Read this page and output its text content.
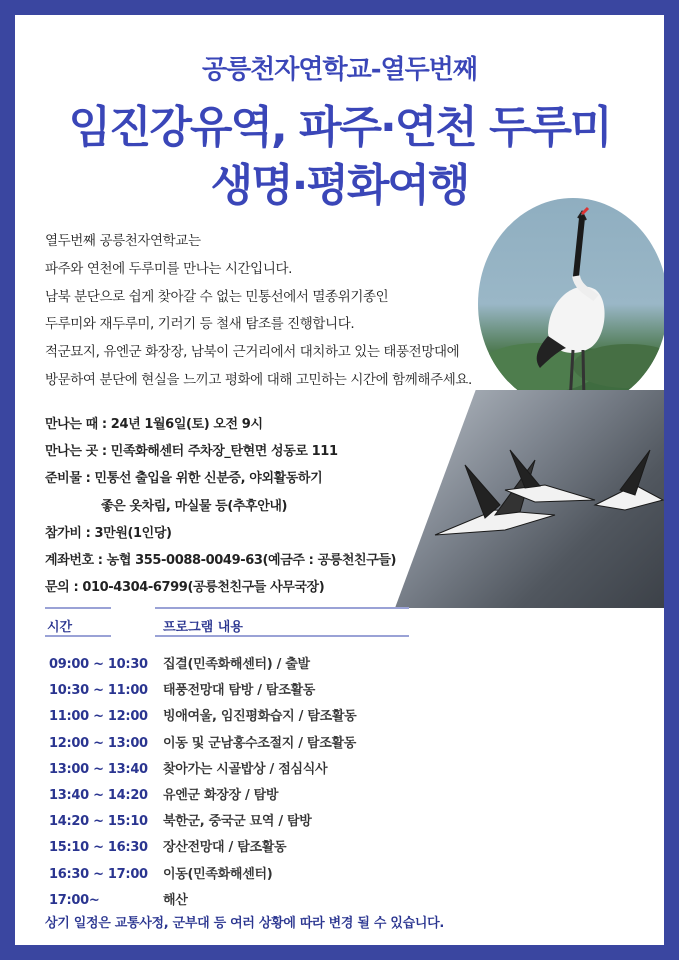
공릉천자연학교-열두번째
임진강유역, 파주·연천 두루미
생명·평화여행
열두번째 공릉천자연학교는
파주와 연천에 두루미를 만나는 시간입니다.
남북 분단으로 쉽게 찾아갈 수 없는 민통선에서 멸종위기종인
두루미와 재두루미, 기러기 등 철새 탐조를 진행합니다.
적군묘지, 유엔군 화장장, 남북이 근거리에서 대치하고 있는 태풍전망대에
방문하여 분단에 현실을 느끼고 평화에 대해 고민하는 시간에 함께해주세요.
만나는 때 : 24년 1월6일(토) 오전 9시
만나는 곳 : 민족화해센터 주차장_탄현면 성동로 111
준비물 : 민통선 출입을 위한 신분증, 야외활동하기
좋은 옷차림, 마실물 등(추후안내)
참가비 : 3만원(1인당)
계좌번호 : 농협 355-0088-0049-63(예금주 : 공릉천친구들)
문의 : 010-4304-6799(공릉천친구들 사무국장)
시간	프로그램 내용
09:00 ~ 10:30 집결(민족화해센터) / 출발
10:30 ~ 11:00 태풍전망대 탐방 / 탐조활동
11:00 ~ 12:00 빙애여울, 임진평화습지 / 탐조활동
12:00 ~ 13:00 이동 및 군남홍수조절지 / 탐조활동
13:00 ~ 13:40 찾아가는 시골밥상 / 점심식사
13:40 ~ 14:20 유엔군 화장장 / 탐방
14:20 ~ 15:10 북한군, 중국군 묘역 / 탐방
15:10 ~ 16:30 장산전망대 / 탐조활동
16:30 ~ 17:00 이동(민족화해센터)
17:00~	해산
상기 일정은 교통사정, 군부대 등 여러 상황에 따라 변경 될 수 있습니다.
